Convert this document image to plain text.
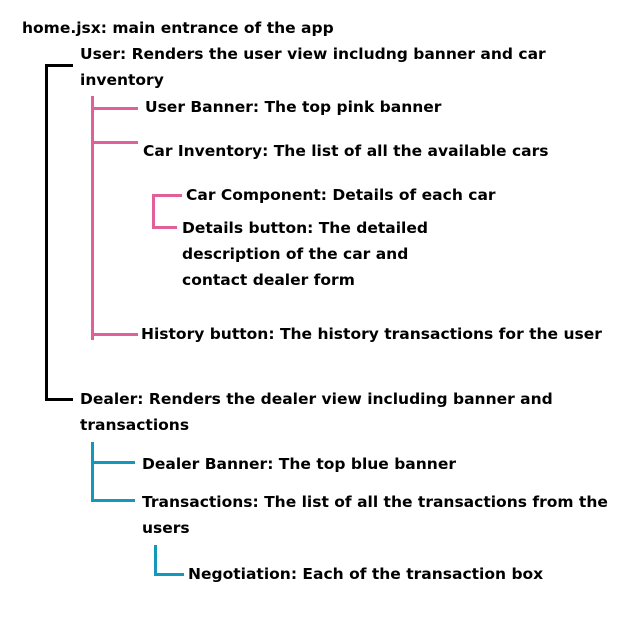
home.jsx: main entrance of the app
User: Renders the user view includng banner and car
inventory
User Banner: The top pink banner
Car Inventory: The list of all the available cars
Car Component: Details of each car
Details button: The detailed
description of the car and
contact dealer form
History button: The history transactions for the user
Dealer: Renders the dealer view including banner and
transactions
Dealer Banner: The top blue banner
Transactions: The list of all the transactions from the
users
Negotiation: Each of the transaction box
